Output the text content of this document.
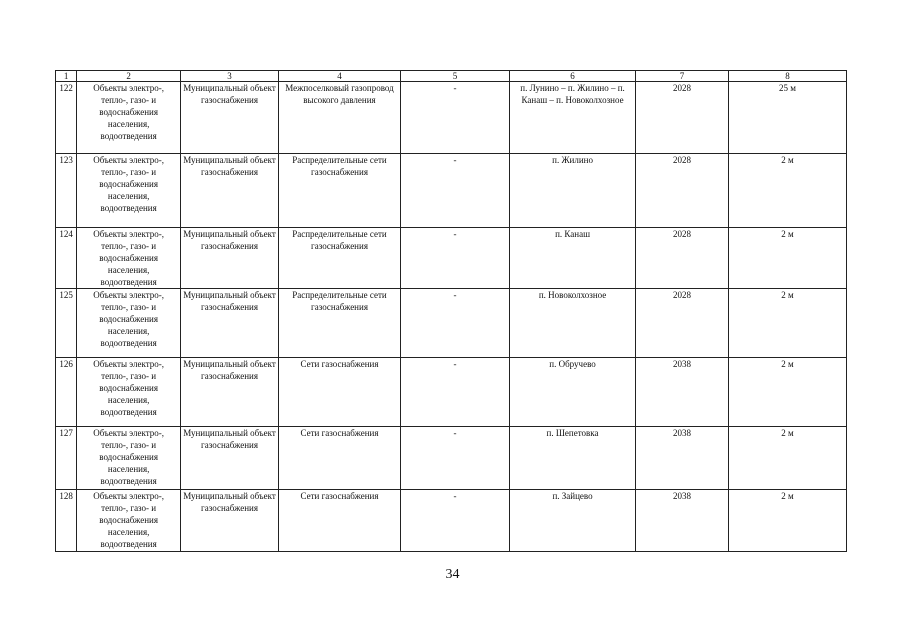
1	2	3	4	5	6	7	8
122	Объекты электро-, тепло-, газо- и водоснабжения населения, водоотведения	Муниципальный объект газоснабжения	Межпоселковый газопровод высокого давления	-	п. Лунино – п. Жилино – п. Канаш – п. Новоколхозное	2028	25 м
123	Объекты электро-, тепло-, газо- и водоснабжения населения, водоотведения	Муниципальный объект газоснабжения	Распределительные сети газоснабжения	-	п. Жилино	2028	2 м
124	Объекты электро-, тепло-, газо- и водоснабжения населения, водоотведения	Муниципальный объект газоснабжения	Распределительные сети газоснабжения	-	п. Канаш	2028	2 м
125	Объекты электро-, тепло-, газо- и водоснабжения населения, водоотведения	Муниципальный объект газоснабжения	Распределительные сети газоснабжения	-	п. Новоколхозное	2028	2 м
126	Объекты электро-, тепло-, газо- и водоснабжения населения, водоотведения	Муниципальный объект газоснабжения	Сети газоснабжения	-	п. Обручево	2038	2 м
127	Объекты электро-, тепло-, газо- и водоснабжения населения, водоотведения	Муниципальный объект газоснабжения	Сети газоснабжения	-	п. Шепетовка	2038	2 м
128	Объекты электро-, тепло-, газо- и водоснабжения населения, водоотведения	Муниципальный объект газоснабжения	Сети газоснабжения	-	п. Зайцево	2038	2 м
34
